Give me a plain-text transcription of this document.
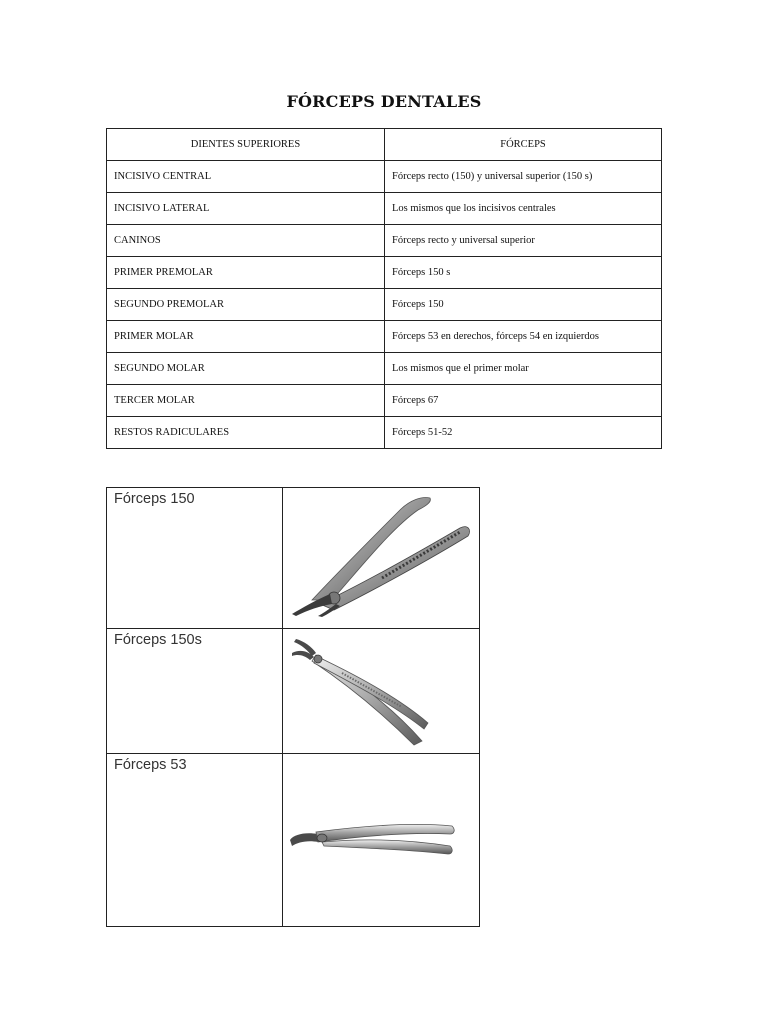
FÓRCEPS DENTALES
DIENTES SUPERIORES	FÓRCEPS
INCISIVO CENTRAL	Fórceps recto (150) y universal superior (150 s)
INCISIVO LATERAL	Los mismos que los incisivos centrales
CANINOS	Fórceps recto y universal superior
PRIMER PREMOLAR	Fórceps 150 s
SEGUNDO PREMOLAR	Fórceps 150
PRIMER MOLAR	Fórceps 53 en derechos, fórceps 54 en izquierdos
SEGUNDO MOLAR	Los mismos que el primer molar
TERCER MOLAR	Fórceps 67
RESTOS RADICULARES	Fórceps 51-52
Fórceps 150
Fórceps 150s
Fórceps 53
